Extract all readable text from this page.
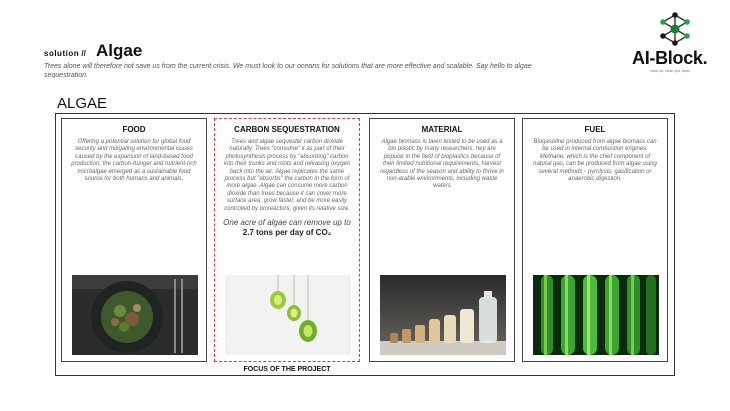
solution // Algae
Trees alone will therefore not save us from the current crisis. We must look to our oceans for solutions that are more effective and scalable. Say hello to algae sequestration.
AI-Block.
clean air, clean you, clean
ALGAE
FOOD
Offering a potential solution for global food security and mitigating environmental issues caused by the expansion of land-based food production, the carbon-hunger and nutrient-rich microalgae emerged as a sustainable food source for both humans and animals.
CARBON SEQUESTRATION
Trees and algae sequester carbon dioxide naturally. Trees "consume" it as part of their photosynthesis process by "absorbing" carbon into their trunks and roots and releasing oxygen back into the air. Algae replicates the same process but "absorbs" the carbon in the form of more algae. Algae can consume more carbon dioxide than trees because it can cover more surface area, grow faster, and be more easily controlled by bioreactors, given its relative size.
One acre of algae can remove up to 2.7 tons per day of CO₂
FOCUS OF THE PROJECT
MATERIAL
Algae biomass is been tested to be used as a bio plastic by many researchers, hey are popular in the field of bioplastics because of their limited nutritional requirements, harvest regardless of the season and ability to thrive in non-arable environments, including waste waters
FUEL
Biogasoline produced from algae biomass can be used in internal combustion engines. Methane, which is the chief component of natural gas, can be produced from algae using several methods - pyrolysis, gasification or anaerobic digestion.
